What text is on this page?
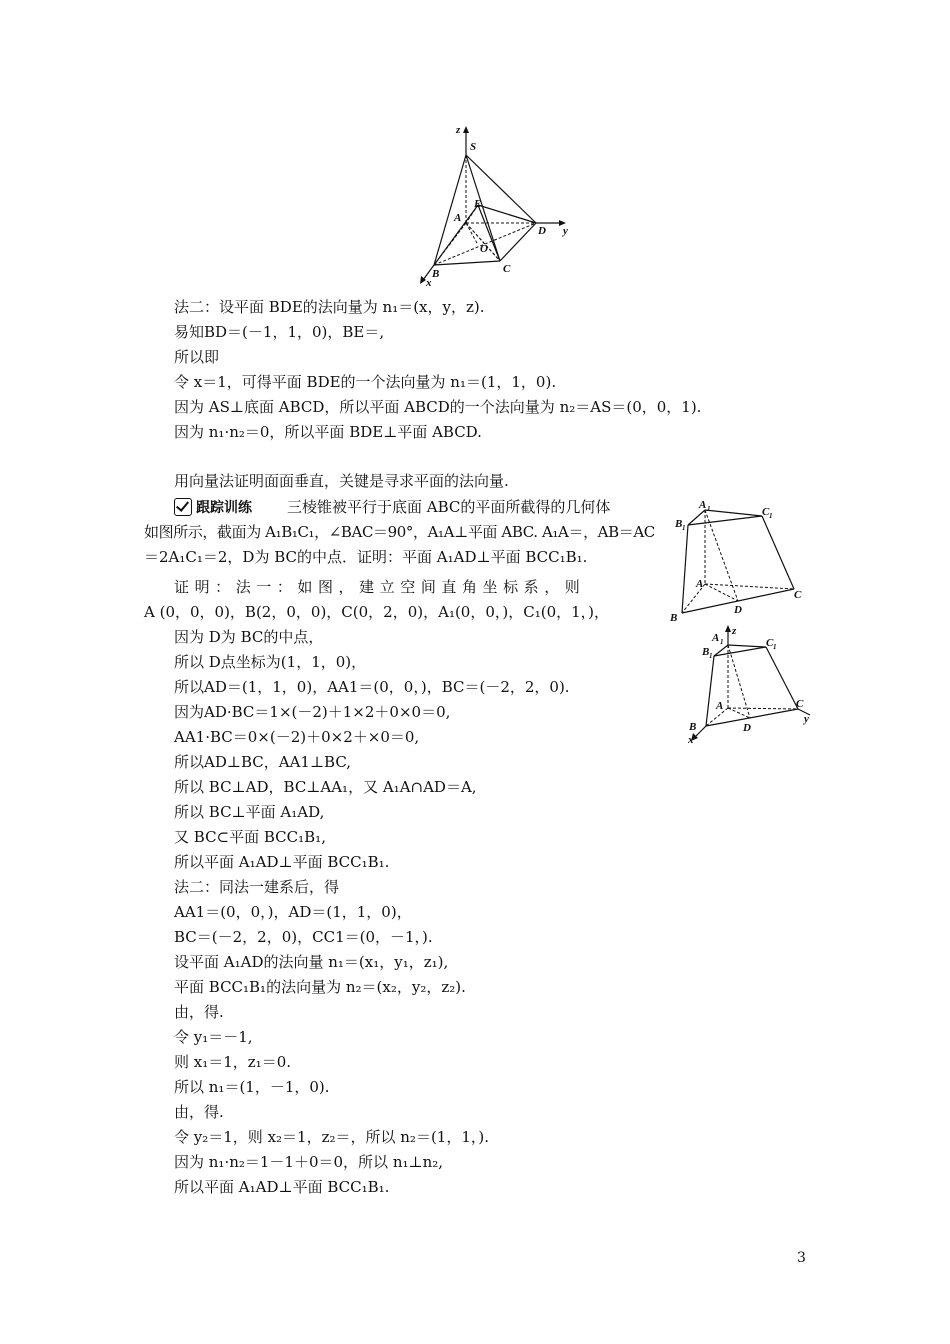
z
S
E
A
O
D y
B	C
x
法二：设平面 BDE的法向量为 n₁＝(x，y，z).
易知BD＝(－1，1，0)，BE＝,
所以即
令 x＝1，可得平面 BDE的一个法向量为 n₁＝(1，1，0).
因为 AS⊥底面 ABCD，所以平面 ABCD的一个法向量为 n₂＝AS＝(0，0，1).
因为 n₁·n₂＝0，所以平面 BDE⊥平面 ABCD.
用向量法证明面面垂直，关键是寻求平面的法向量.
跟踪训练 三棱锥被平行于底面 ABC的平面所截得的几何体
如图所示，截面为 A₁B₁C₁，∠BAC＝90°，A₁A⊥平面 ABC. A₁A＝，AB＝AC
＝2A₁C₁＝2，D为 BC的中点．证明：平面 A₁AD⊥平面 BCC₁B₁.
A 1
B 1
C 1
A
B
C
D
z
A 1
B 1
C 1
A
B
C
D
x
y
证 明 ： 法 一 ： 如 图 ， 建 立 空 间 直 角 坐 标 系 ， 则
A (0，0，0)，B(2，0，0)，C(0，2，0)，A₁(0，0，)，C₁(0，1，)，
因为 D为 BC的中点，
所以 D点坐标为(1，1，0)，
所以AD＝(1，1，0)，AA1＝(0，0，)，BC＝(－2，2，0).
因为AD·BC＝1×(－2)＋1×2＋0×0＝0,
AA1·BC＝0×(－2)＋0×2＋×0＝0,
所以AD⊥BC，AA1⊥BC,
所以 BC⊥AD，BC⊥AA₁，又 A₁A∩AD＝A,
所以 BC⊥平面 A₁AD,
又 BC⊂平面 BCC₁B₁,
所以平面 A₁AD⊥平面 BCC₁B₁.
法二：同法一建系后，得
AA1＝(0，0，)，AD＝(1，1，0)，
BC＝(－2，2，0)，CC1＝(0，－1，).
设平面 A₁AD的法向量 n₁＝(x₁，y₁，z₁),
平面 BCC₁B₁的法向量为 n₂＝(x₂，y₂，z₂).
由，得.
令 y₁＝－1,
则 x₁＝1，z₁＝0.
所以 n₁＝(1，－1，0).
由，得.
令 y₂＝1，则 x₂＝1，z₂＝，所以 n₂＝(1，1，).
因为 n₁·n₂＝1－1＋0＝0，所以 n₁⊥n₂,
所以平面 A₁AD⊥平面 BCC₁B₁.
3
